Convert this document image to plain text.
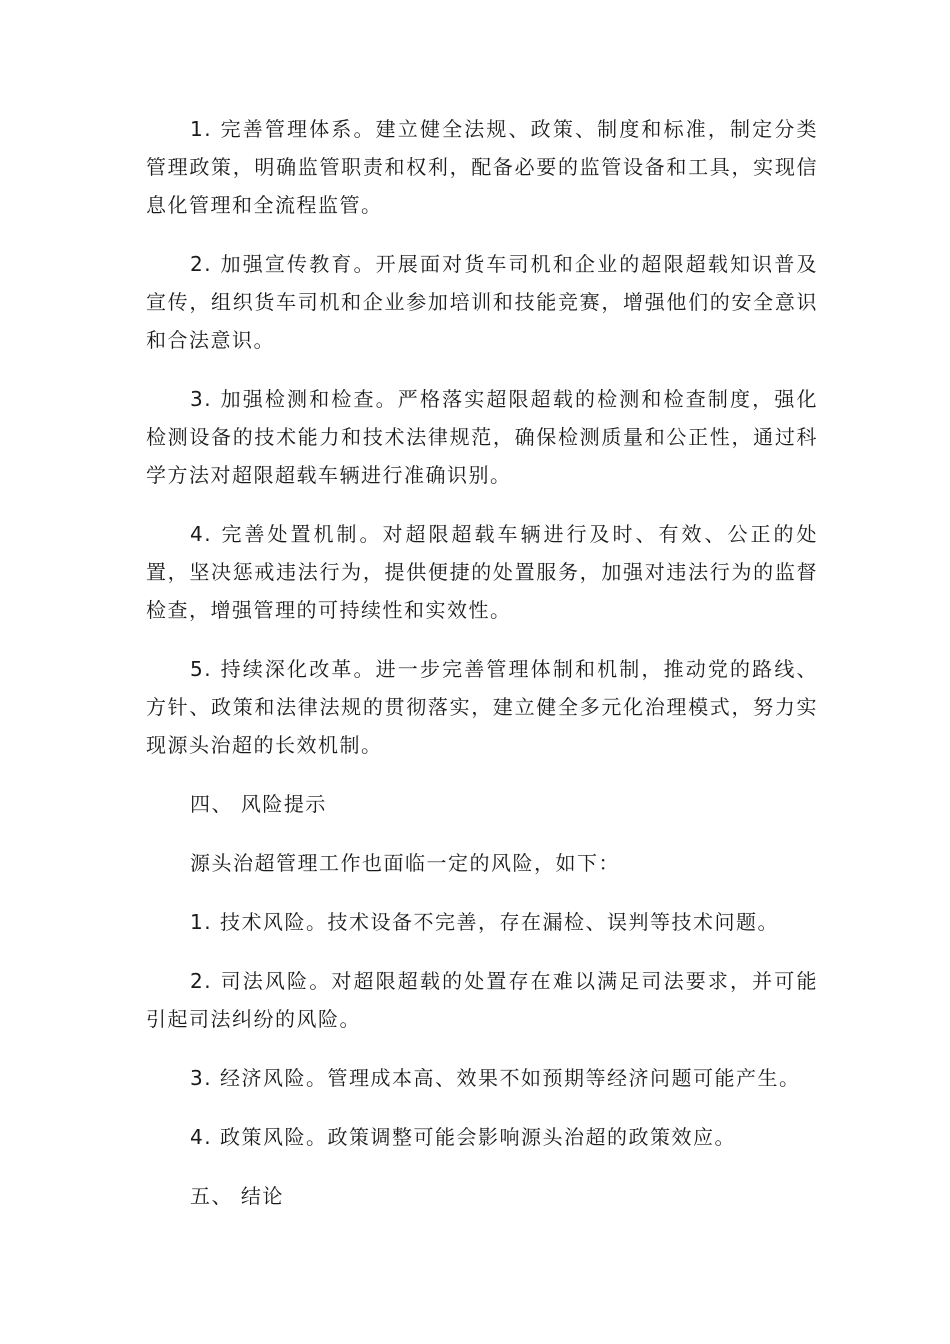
1. 完善管理体系。建立健全法规、政策、制度和标准，制定分类管理政策，明确监管职责和权利，配备必要的监管设备和工具，实现信息化管理和全流程监管。

2. 加强宣传教育。开展面对货车司机和企业的超限超载知识普及宣传，组织货车司机和企业参加培训和技能竞赛，增强他们的安全意识和合法意识。

3. 加强检测和检查。严格落实超限超载的检测和检查制度，强化检测设备的技术能力和技术法律规范，确保检测质量和公正性，通过科学方法对超限超载车辆进行准确识别。

4. 完善处置机制。对超限超载车辆进行及时、有效、公正的处置，坚决惩戒违法行为，提供便捷的处置服务，加强对违法行为的监督检查，增强管理的可持续性和实效性。

5. 持续深化改革。进一步完善管理体制和机制，推动党的路线、方针、政策和法律法规的贯彻落实，建立健全多元化治理模式，努力实现源头治超的长效机制。

四、 风险提示

源头治超管理工作也面临一定的风险，如下：

1. 技术风险。技术设备不完善，存在漏检、误判等技术问题。

2. 司法风险。对超限超载的处置存在难以满足司法要求，并可能引起司法纠纷的风险。

3. 经济风险。管理成本高、效果不如预期等经济问题可能产生。

4. 政策风险。政策调整可能会影响源头治超的政策效应。

五、 结论
